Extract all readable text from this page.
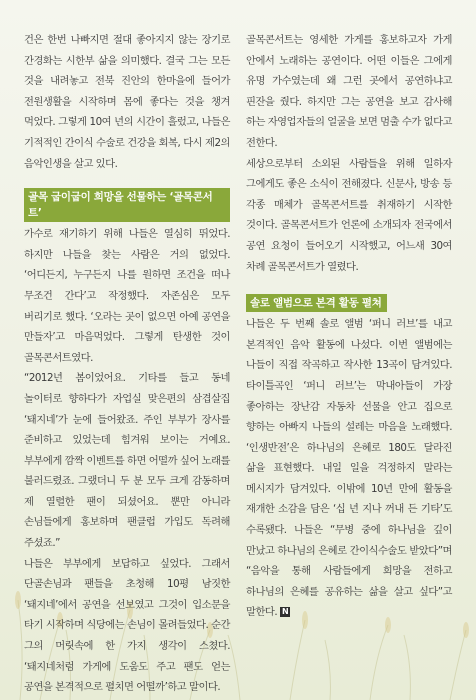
건은 한번 나빠지면 절대 좋아지지 않는 장기로 간경화는 시한부 삶을 의미했다. 결국 그는 모든 것을 내려놓고 전북 진안의 한마을에 들어가 전원생활을 시작하며 몸에 좋다는 것을 챙겨 먹었다. 그렇게 10여 년의 시간이 흘렀고, 나들은 기적적인 간이식 수술로 건강을 회복, 다시 제2의 음악인생을 살고 있다.

골목 굽이굽이 희망을 선물하는 ‘골목콘서트’

가수로 재기하기 위해 나들은 열심히 뛰었다. 하지만 나들을 찾는 사람은 거의 없었다. ‘어디든지, 누구든지 나를 원하면 조건을 떠나 무조건 간다’고 작정했다. 자존심은 모두 버리기로 했다. ‘오라는 곳이 없으면 아예 공연을 만들자’고 마음먹었다. 그렇게 탄생한 것이 골목콘서트였다.

“2012년 봄이었어요. 기타를 들고 동네 놀이터로 향하다가 자업실 맞은편의 삼겹살집 ‘돼지네’가 눈에 들어왔죠. 주인 부부가 장사를 준비하고 있었는데 힘겨워 보이는 거예요. 부부에게 깜짝 이벤트를 하면 어떨까 싶어 노래를 불러드렸죠. 그랬더니 두 분 모두 크게 감동하며 제 열렬한 팬이 되셨어요. 뿐만 아니라 손님들에게 홍보하며 팬클럽 가입도 독려해 주셨죠.”

나들은 부부에게 보답하고 싶었다. 그래서 단골손님과 팬들을 초청해 10평 남짓한 ‘돼지네’에서 공연을 선보였고 그것이 입소문을 타기 시작하며 식당에는 손님이 몰려들었다. 순간 그의 머릿속에 한 가지 생각이 스쳤다. ‘돼지네처럼 가게에 도움도 주고 팬도 얻는 공연을 본격적으로 펼치면 어떨까’하고 말이다.

골목콘서트는 영세한 가게를 홍보하고자 가게 안에서 노래하는 공연이다. 어떤 이들은 그에게 유명 가수였는데 왜 그런 곳에서 공연하냐고 핀잔을 줬다. 하지만 그는 공연을 보고 감사해 하는 자영업자들의 얼굴을 보면 멈출 수가 없다고 전한다.

세상으로부터 소외된 사람들을 위해 일하자 그에게도 좋은 소식이 전해졌다. 신문사, 방송 등 각종 매체가 골목콘서트를 취재하기 시작한 것이다. 골목콘서트가 언론에 소개되자 전국에서 공연 요청이 들어오기 시작했고, 어느새 30여 차례 골목콘서트가 열렸다.

솔로 앨범으로 본격 활동 펼쳐

나들은 두 번째 솔로 앨범 ‘퍼니 러브’를 내고 본격적인 음악 활동에 나섰다. 이번 앨범에는 나들이 직접 작곡하고 작사한 13곡이 담겨있다. 타이틀곡인 ‘퍼니 러브’는 막내아들이 가장 좋아하는 장난감 자동차 선물을 안고 집으로 향하는 아빠지 나들의 설레는 마음을 노래했다. ‘인생반전’은 하나님의 은혜로 180도 달라진 삶을 표현했다. 내일 일을 걱정하지 말라는 메시지가 담겨있다. 이밖에 10년 만에 활동을 재개한 소감을 담은 ‘십 년 지나 꺼내 든 기타’도 수록됐다. 나들은 “무병 중에 하나님을 깊이 만났고 하나님의 은혜로 간이식수술도 받았다”며 “음악을 통해 사람들에게 희망을 전하고 하나님의 은혜를 공유하는 삶을 살고 싶다”고 말한다. N
